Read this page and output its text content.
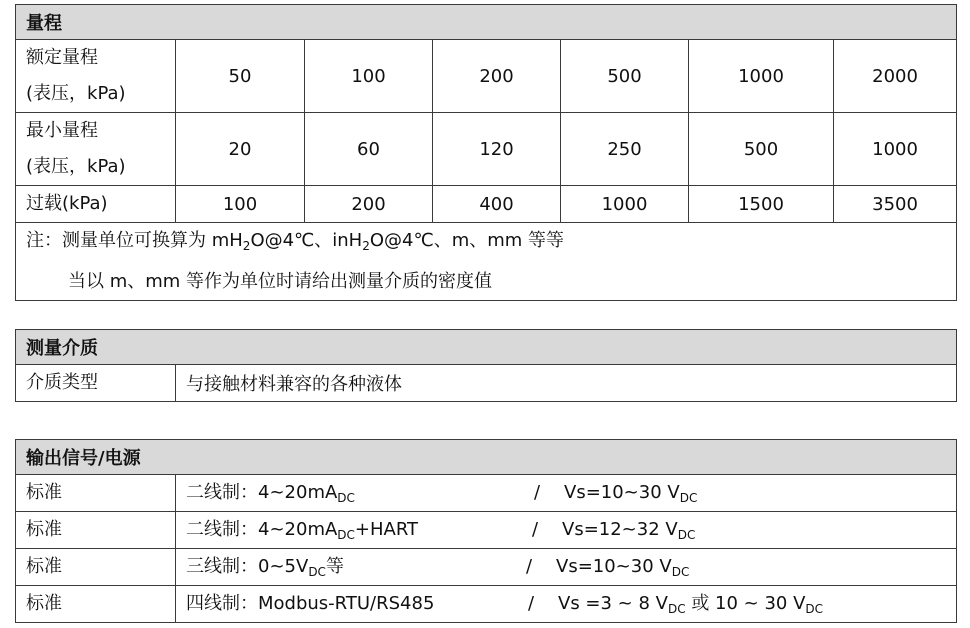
量程						

额定量程
(表压，kPa)	50	100	200	500	1000	2000

最小量程
(表压，kPa)	20	60	120	250	500	1000
过载(kPa)	100	200	400	1000	1500	3500

注：测量单位可换算为 $mH_2O@4℃$、inH$_2$O@4℃、m、mm 等等
当以 m、mm 等作为单位时请给出测量介质的密度值						
测量介质
介质类型	与接触材料兼容的各种液体
输出信号/电源	
标准	二线制：$4\sim 20mA_{DC}$ / Vs=10~30 $V_{DC}$

标准	二线制：$4\sim 20mA_{DC}+HART$ / Vs=12~32 $V_{DC}$

标准	三线制：$0\sim 5V_{DC}$等 / Vs=10~30 $V_{DC}$

标准	四线制：Modbus-RTU/RS485 / Vs =3 ~ 8 $V_{DC}$ 或 10 ~ 30 $V_{DC}$
